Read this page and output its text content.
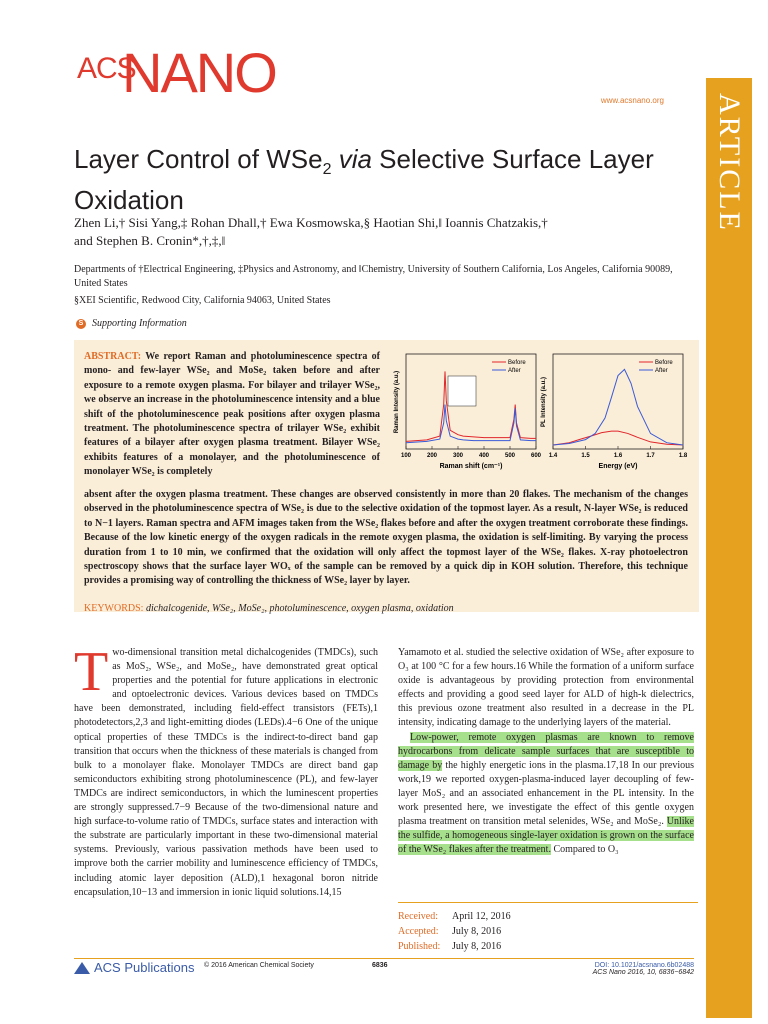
ACS
NANO	www.acsnano.org ARTICLE
Layer Control of WSe$_2$ via Selective Surface Layer Oxidation
Zhen Li,† Sisi Yang,‡ Rohan Dhall,† Ewa Kosmowska,§ Haotian Shi,‖ Ioannis Chatzakis,†
and Stephen B. Cronin*,†,‡,‖
Departments of †Electrical Engineering, ‡Physics and Astronomy, and ‖Chemistry, University of Southern California, Los Angeles, California 90089, United States
§XEI Scientific, Redwood City, California 94063, United States
S Supporting Information
ABSTRACT: We report Raman and photoluminescence spectra of mono- and few-layer WSe₂ and MoSe₂ taken before and after exposure to a remote oxygen plasma. For bilayer and trilayer WSe₂, we observe an increase in the photoluminescence intensity and a blue shift of the photoluminescence peak positions after oxygen plasma treatment. The photoluminescence spectra of trilayer WSe₂ exhibit features of a bilayer after oxygen plasma treatment. Bilayer WSe₂ exhibits features of a monolayer, and the photoluminescence of monolayer WSe₂ is completely
Before
After
100	200	300	400	500	600
Raman shift (cm⁻¹)
Raman Intensity (a.u.)
Before
After
1.4	1.5	1.6	1.7	1.8
Energy (eV)
PL Intensity (a.u.)
absent after the oxygen plasma treatment. These changes are observed consistently in more than 20 flakes. The mechanism of the changes observed in the photoluminescence spectra of WSe₂ is due to the selective oxidation of the topmost layer. As a result, N-layer WSe₂ is reduced to N−1 layers. Raman spectra and AFM images taken from the WSe₂ flakes before and after the oxygen treatment corroborate these findings. Because of the low kinetic energy of the oxygen radicals in the remote oxygen plasma, the oxidation is self-limiting. By varying the process duration from 1 to 10 min, we confirmed that the oxidation will only affect the topmost layer of the WSe₂ flakes. X-ray photoelectron spectroscopy shows that the surface layer WOₓ of the sample can be removed by a quick dip in KOH solution. Therefore, this technique provides a promising way of controlling the thickness of WSe₂ layer by layer.
KEYWORDS: dichalcogenide, WSe₂, MoSe₂, photoluminescence, oxygen plasma, oxidation
Two-dimensional transition metal dichalcogenides (TMDCs), such as MoS₂, WSe₂, and MoSe₂, have demonstrated great optical properties and the potential for future applications in electronic and optoelectronic devices. Various devices based on TMDCs have been demonstrated, including field-effect transistors (FETs),1 photodetectors,2,3 and light-emitting diodes (LEDs).4−6 One of the unique optical properties of these TMDCs is the indirect-to-direct band gap transition that occurs when the thickness of these materials is changed from bulk to a monolayer flake. Monolayer TMDCs are direct band gap semiconductors exhibiting strong photoluminescence (PL), and few-layer TMDCs are indirect semiconductors, in which the luminescent properties are strongly suppressed.7−9 Because of the two-dimensional nature and high surface-to-volume ratio of TMDCs, surface states and interaction with the substrate are particularly important in these two-dimensional material systems. Previously, various passivation methods have been used to improve both the carrier mobility and luminescence efficiency of TMDCs, including atomic layer deposition (ALD),1 hexagonal boron nitride encapsulation,10−13 and immersion in ionic liquid solutions.14,15
Yamamoto et al. studied the selective oxidation of WSe₂ after exposure to O₃ at 100 °C for a few hours.16 While the formation of a uniform surface oxide is advantageous by providing protection from environmental effects and providing a good seed layer for ALD of high-k dielectrics, this previous ozone treatment also resulted in a decrease in the PL intensity, indicating damage to the underlying layers of the material.
Low-power, remote oxygen plasmas are known to remove hydrocarbons from delicate sample surfaces that are susceptible to damage by the highly energetic ions in the plasma.17,18 In our previous work,19 we reported oxygen-plasma-induced layer decoupling of few-layer MoS₂ and an associated enhancement in the PL intensity. In the work presented here, we investigate the effect of this gentle oxygen plasma treatment on transition metal selenides, WSe₂ and MoSe₂. Unlike the sulfide, a homogeneous single-layer oxidation is grown on the surface of the WSe₂ flakes after the treatment. Compared to O₃
Received: April 12, 2016
Accepted: July 8, 2016
Published: July 8, 2016
ACS Publications © 2016 American Chemical Society	6836	DOI: 10.1021/acsnano.6b02488
ACS Nano 2016, 10, 6836−6842
